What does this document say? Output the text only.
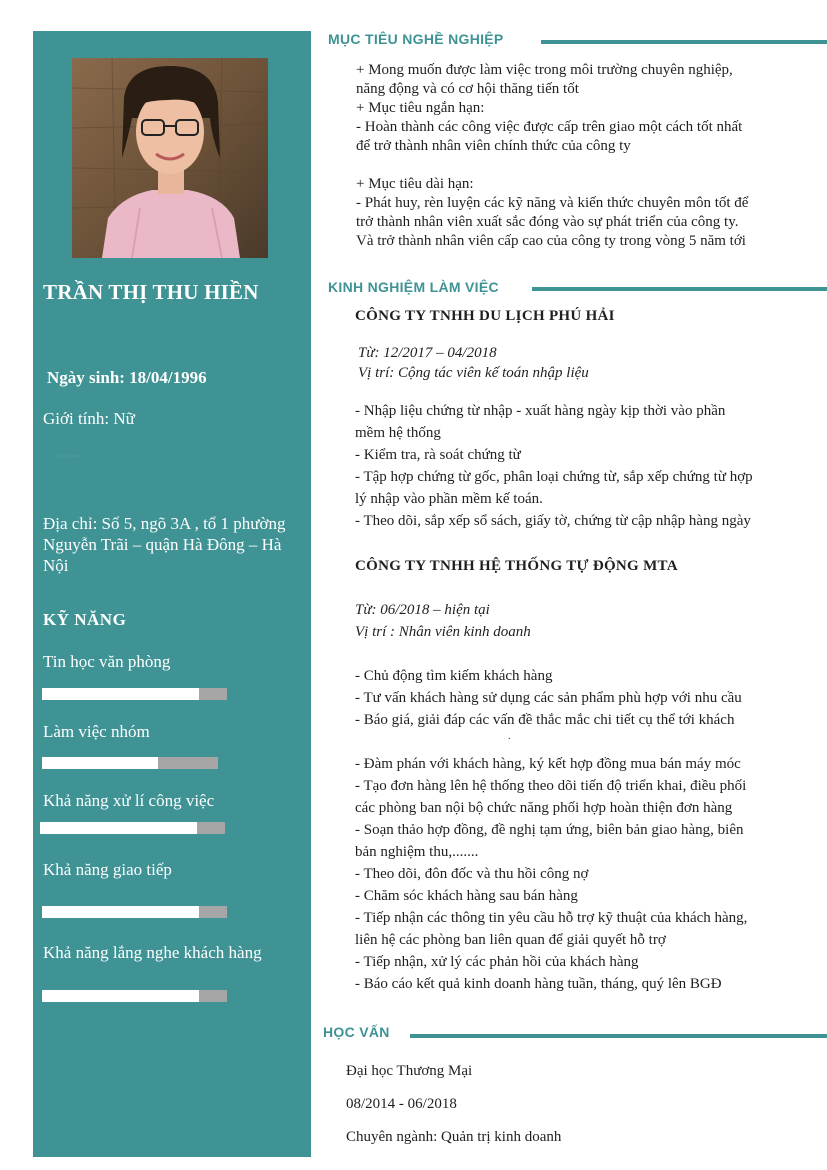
TRẦN THỊ THU HIỀN
Ngày sinh: 18/04/1996
Giới tính: Nữ
· · · · ·
Địa chỉ: Số 5, ngõ 3A , tổ 1 phường Nguyễn Trãi – quận Hà Đông – Hà Nội
KỸ NĂNG
Tin học văn phòng
Làm việc nhóm
Khả năng xử lí công việc
Khả năng giao tiếp
Khả năng lắng nghe khách hàng
MỤC TIÊU NGHỀ NGHIỆP
+ Mong muốn được làm việc trong môi trường chuyên nghiệp,
năng động và có cơ hội thăng tiến tốt
+ Mục tiêu ngắn hạn:
- Hoàn thành các công việc được cấp trên giao một cách tốt nhất
để trở thành nhân viên chính thức của công ty

+ Mục tiêu dài hạn:
- Phát huy, rèn luyện các kỹ năng và kiến thức chuyên môn tốt để
trở thành nhân viên xuất sắc đóng vào sự phát triển của công ty.
Và trở thành nhân viên cấp cao của công ty trong vòng 5 năm tới
KINH NGHIỆM LÀM VIỆC
CÔNG TY TNHH DU LỊCH PHÚ HẢI
Từ: 12/2017 – 04/2018
Vị trí: Cộng tác viên kế toán nhập liệu
- Nhập liệu chứng từ nhập - xuất hàng ngày kịp thời vào phần
mềm hệ thống
- Kiểm tra, rà soát chứng từ
- Tập hợp chứng từ gốc, phân loại chứng từ, sắp xếp chứng từ hợp
lý nhập vào phần mềm kế toán.
- Theo dõi, sắp xếp sổ sách, giấy tờ, chứng từ cập nhập hàng ngày
CÔNG TY TNHH HỆ THỐNG TỰ ĐỘNG MTA
Từ: 06/2018 – hiện tại
Vị trí : Nhân viên kinh doanh
- Chủ động tìm kiếm khách hàng
- Tư vấn khách hàng sử dụng các sản phẩm phù hợp với nhu cầu
- Báo giá, giải đáp các vấn đề thắc mắc chi tiết cụ thể tới khách
.
- Đàm phán với khách hàng, ký kết hợp đồng mua bán máy móc
- Tạo đơn hàng lên hệ thống theo dõi tiến độ triển khai, điều phối
các phòng ban nội bộ chức năng phối hợp hoàn thiện đơn hàng
- Soạn thảo hợp đồng, đề nghị tạm ứng, biên bản giao hàng, biên
bản nghiệm thu,.......
- Theo dõi, đôn đốc và thu hồi công nợ
- Chăm sóc khách hàng sau bán hàng
- Tiếp nhận các thông tin yêu cầu hỗ trợ kỹ thuật của khách hàng,
liên hệ các phòng ban liên quan để giải quyết hỗ trợ
- Tiếp nhận, xử lý các phản hồi của khách hàng
- Báo cáo kết quả kinh doanh hàng tuần, tháng, quý lên BGĐ
HỌC VẤN
Đại học Thương Mại
08/2014 - 06/2018
Chuyên ngành: Quản trị kinh doanh
